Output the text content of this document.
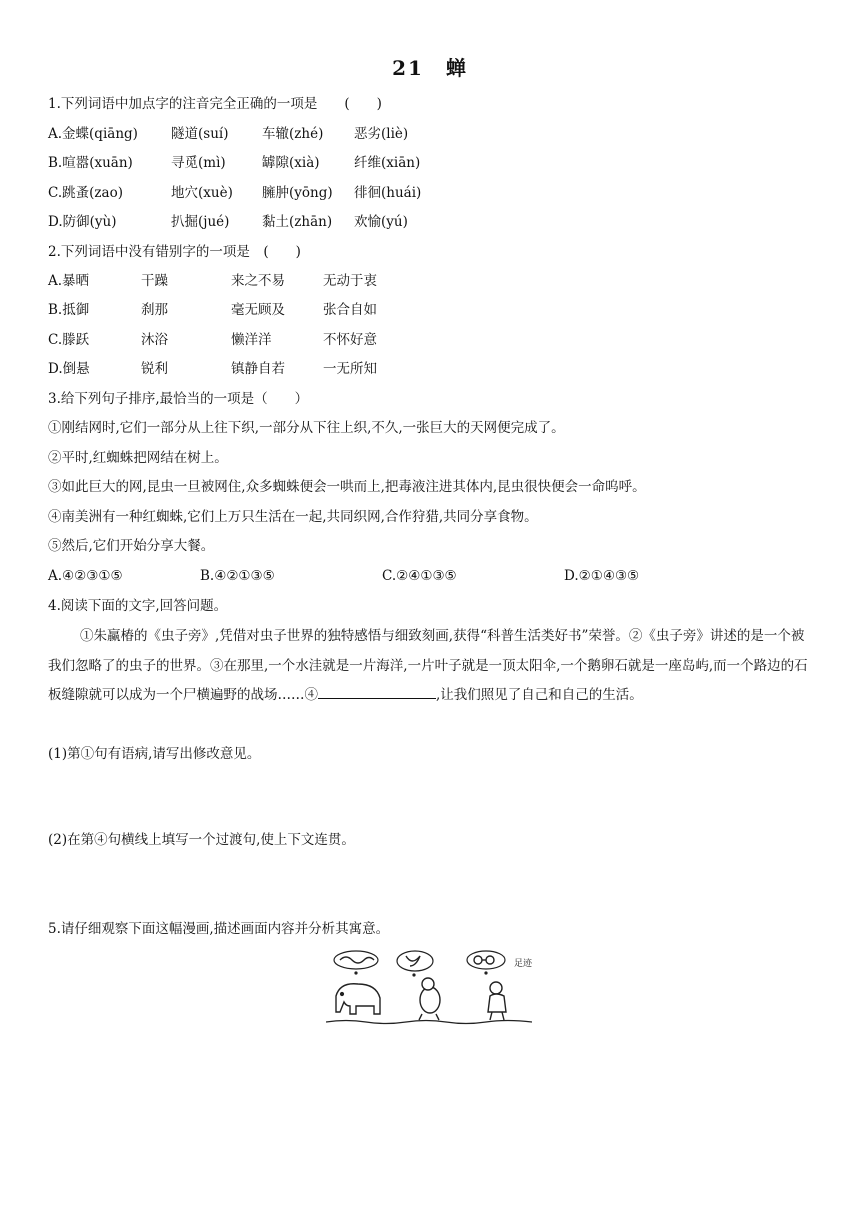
21　蝉
1.下列词语中加点字的注音完全正确的一项是　　(　　)
A.金蝶(qiāng) 隧道(suí) 车辙(zhé) 恶劣(liè)
B.喧嚣(xuān)	寻觅(mì)	罅隙(xià)	纤维(xiān)
C.跳蚤(zao)	地穴(xuè) 臃肿(yōng) 徘徊(huái)
D.防御(yù)	扒掘(jué) 黏土(zhān) 欢愉(yú)
2.下列词语中没有错别字的一项是　(　　)
A.暴晒	干躁	来之不易	无动于衷
B.抵御	刹那	毫无顾及	张合自如
C.滕跃	沐浴	懒洋洋	不怀好意
D.倒悬	锐利	镇静自若	一无所知
3.给下列句子排序,最恰当的一项是（　　）
①刚结网时,它们一部分从上往下织,一部分从下往上织,不久,一张巨大的天网便完成了。
②平时,红蜘蛛把网结在树上。
③如此巨大的网,昆虫一旦被网住,众多蜘蛛便会一哄而上,把毒液注进其体内,昆虫很快便会一命呜呼。
④南美洲有一种红蜘蛛,它们上万只生活在一起,共同织网,合作狩猎,共同分享食物。
⑤然后,它们开始分享大餐。
A.④②③①⑤	B.④②①③⑤	C.②④①③⑤	D.②①④③⑤
4.阅读下面的文字,回答问题。
①朱赢椿的《虫子旁》,凭借对虫子世界的独特感悟与细致刻画,获得“科普生活类好书”荣誉。②《虫子旁》讲述的是一个被我们忽略了的虫子的世界。③在那里,一个水洼就是一片海洋,一片叶子就是一顶太阳伞,一个鹅卵石就是一座岛屿,而一个路边的石板缝隙就可以成为一个尸横遍野的战场……④	,让我们照见了自己和自己的生活。
(1)第①句有语病,请写出修改意见。
(2)在第④句横线上填写一个过渡句,使上下文连贯。
5.请仔细观察下面这幅漫画,描述画面内容并分析其寓意。
足迹
